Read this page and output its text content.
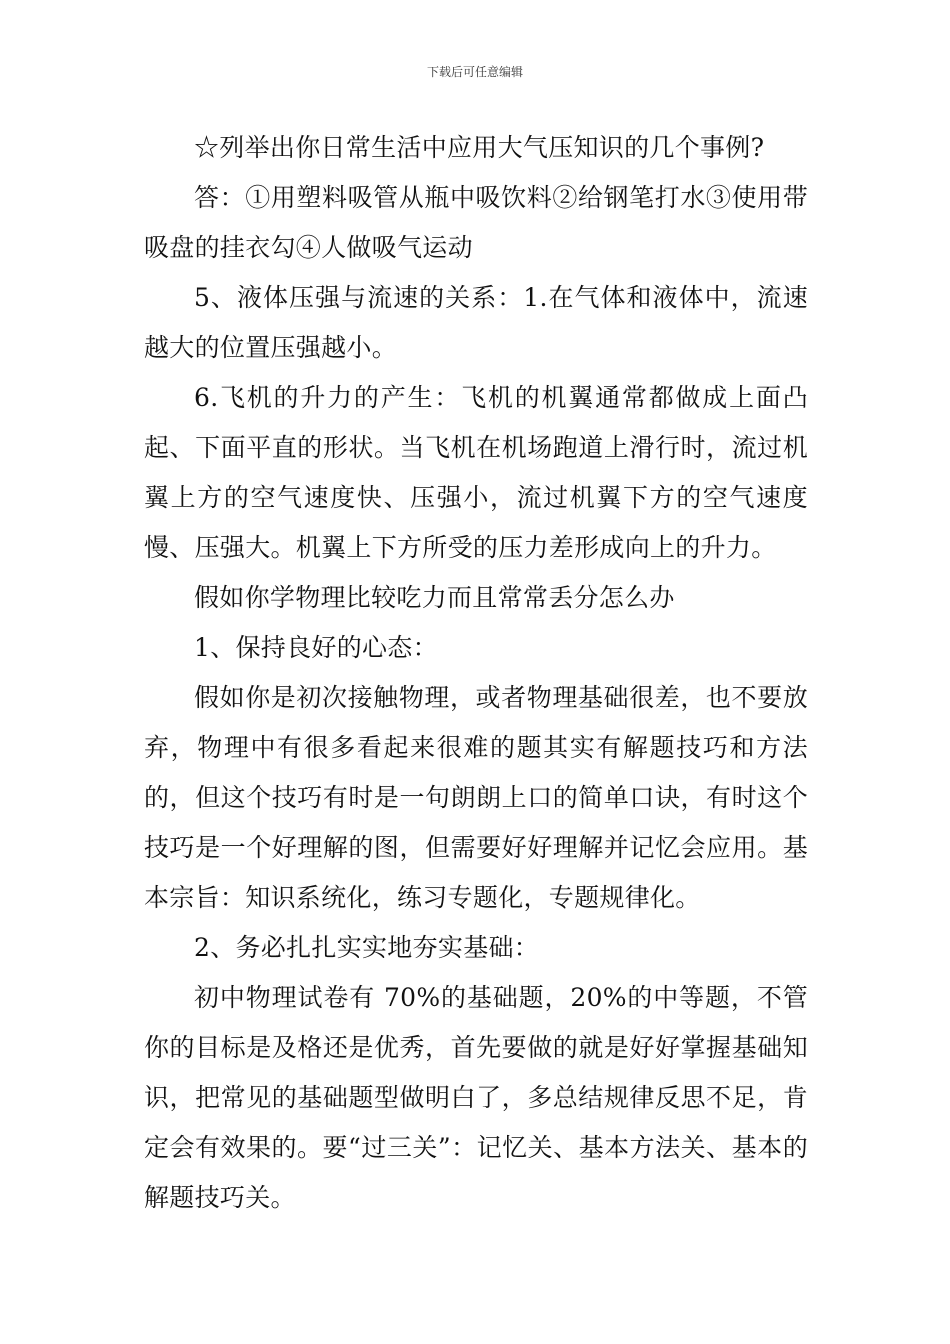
下载后可任意编辑

☆列举出你日常生活中应用大气压知识的几个事例?

答：①用塑料吸管从瓶中吸饮料②给钢笔打水③使用带吸盘的挂衣勾④人做吸气运动

5、液体压强与流速的关系：1.在气体和液体中，流速越大的位置压强越小。

6.飞机的升力的产生：飞机的机翼通常都做成上面凸起、下面平直的形状。当飞机在机场跑道上滑行时，流过机翼上方的空气速度快、压强小，流过机翼下方的空气速度慢、压强大。机翼上下方所受的压力差形成向上的升力。

假如你学物理比较吃力而且常常丢分怎么办

1、保持良好的心态：

假如你是初次接触物理，或者物理基础很差，也不要放弃，物理中有很多看起来很难的题其实有解题技巧和方法的，但这个技巧有时是一句朗朗上口的简单口诀，有时这个技巧是一个好理解的图，但需要好好理解并记忆会应用。基本宗旨：知识系统化，练习专题化，专题规律化。

2、务必扎扎实实地夯实基础：

初中物理试卷有 70%的基础题，20%的中等题，不管你的目标是及格还是优秀，首先要做的就是好好掌握基础知识，把常见的基础题型做明白了，多总结规律反思不足，肯定会有效果的。要“过三关”：记忆关、基本方法关、基本的解题技巧关。
